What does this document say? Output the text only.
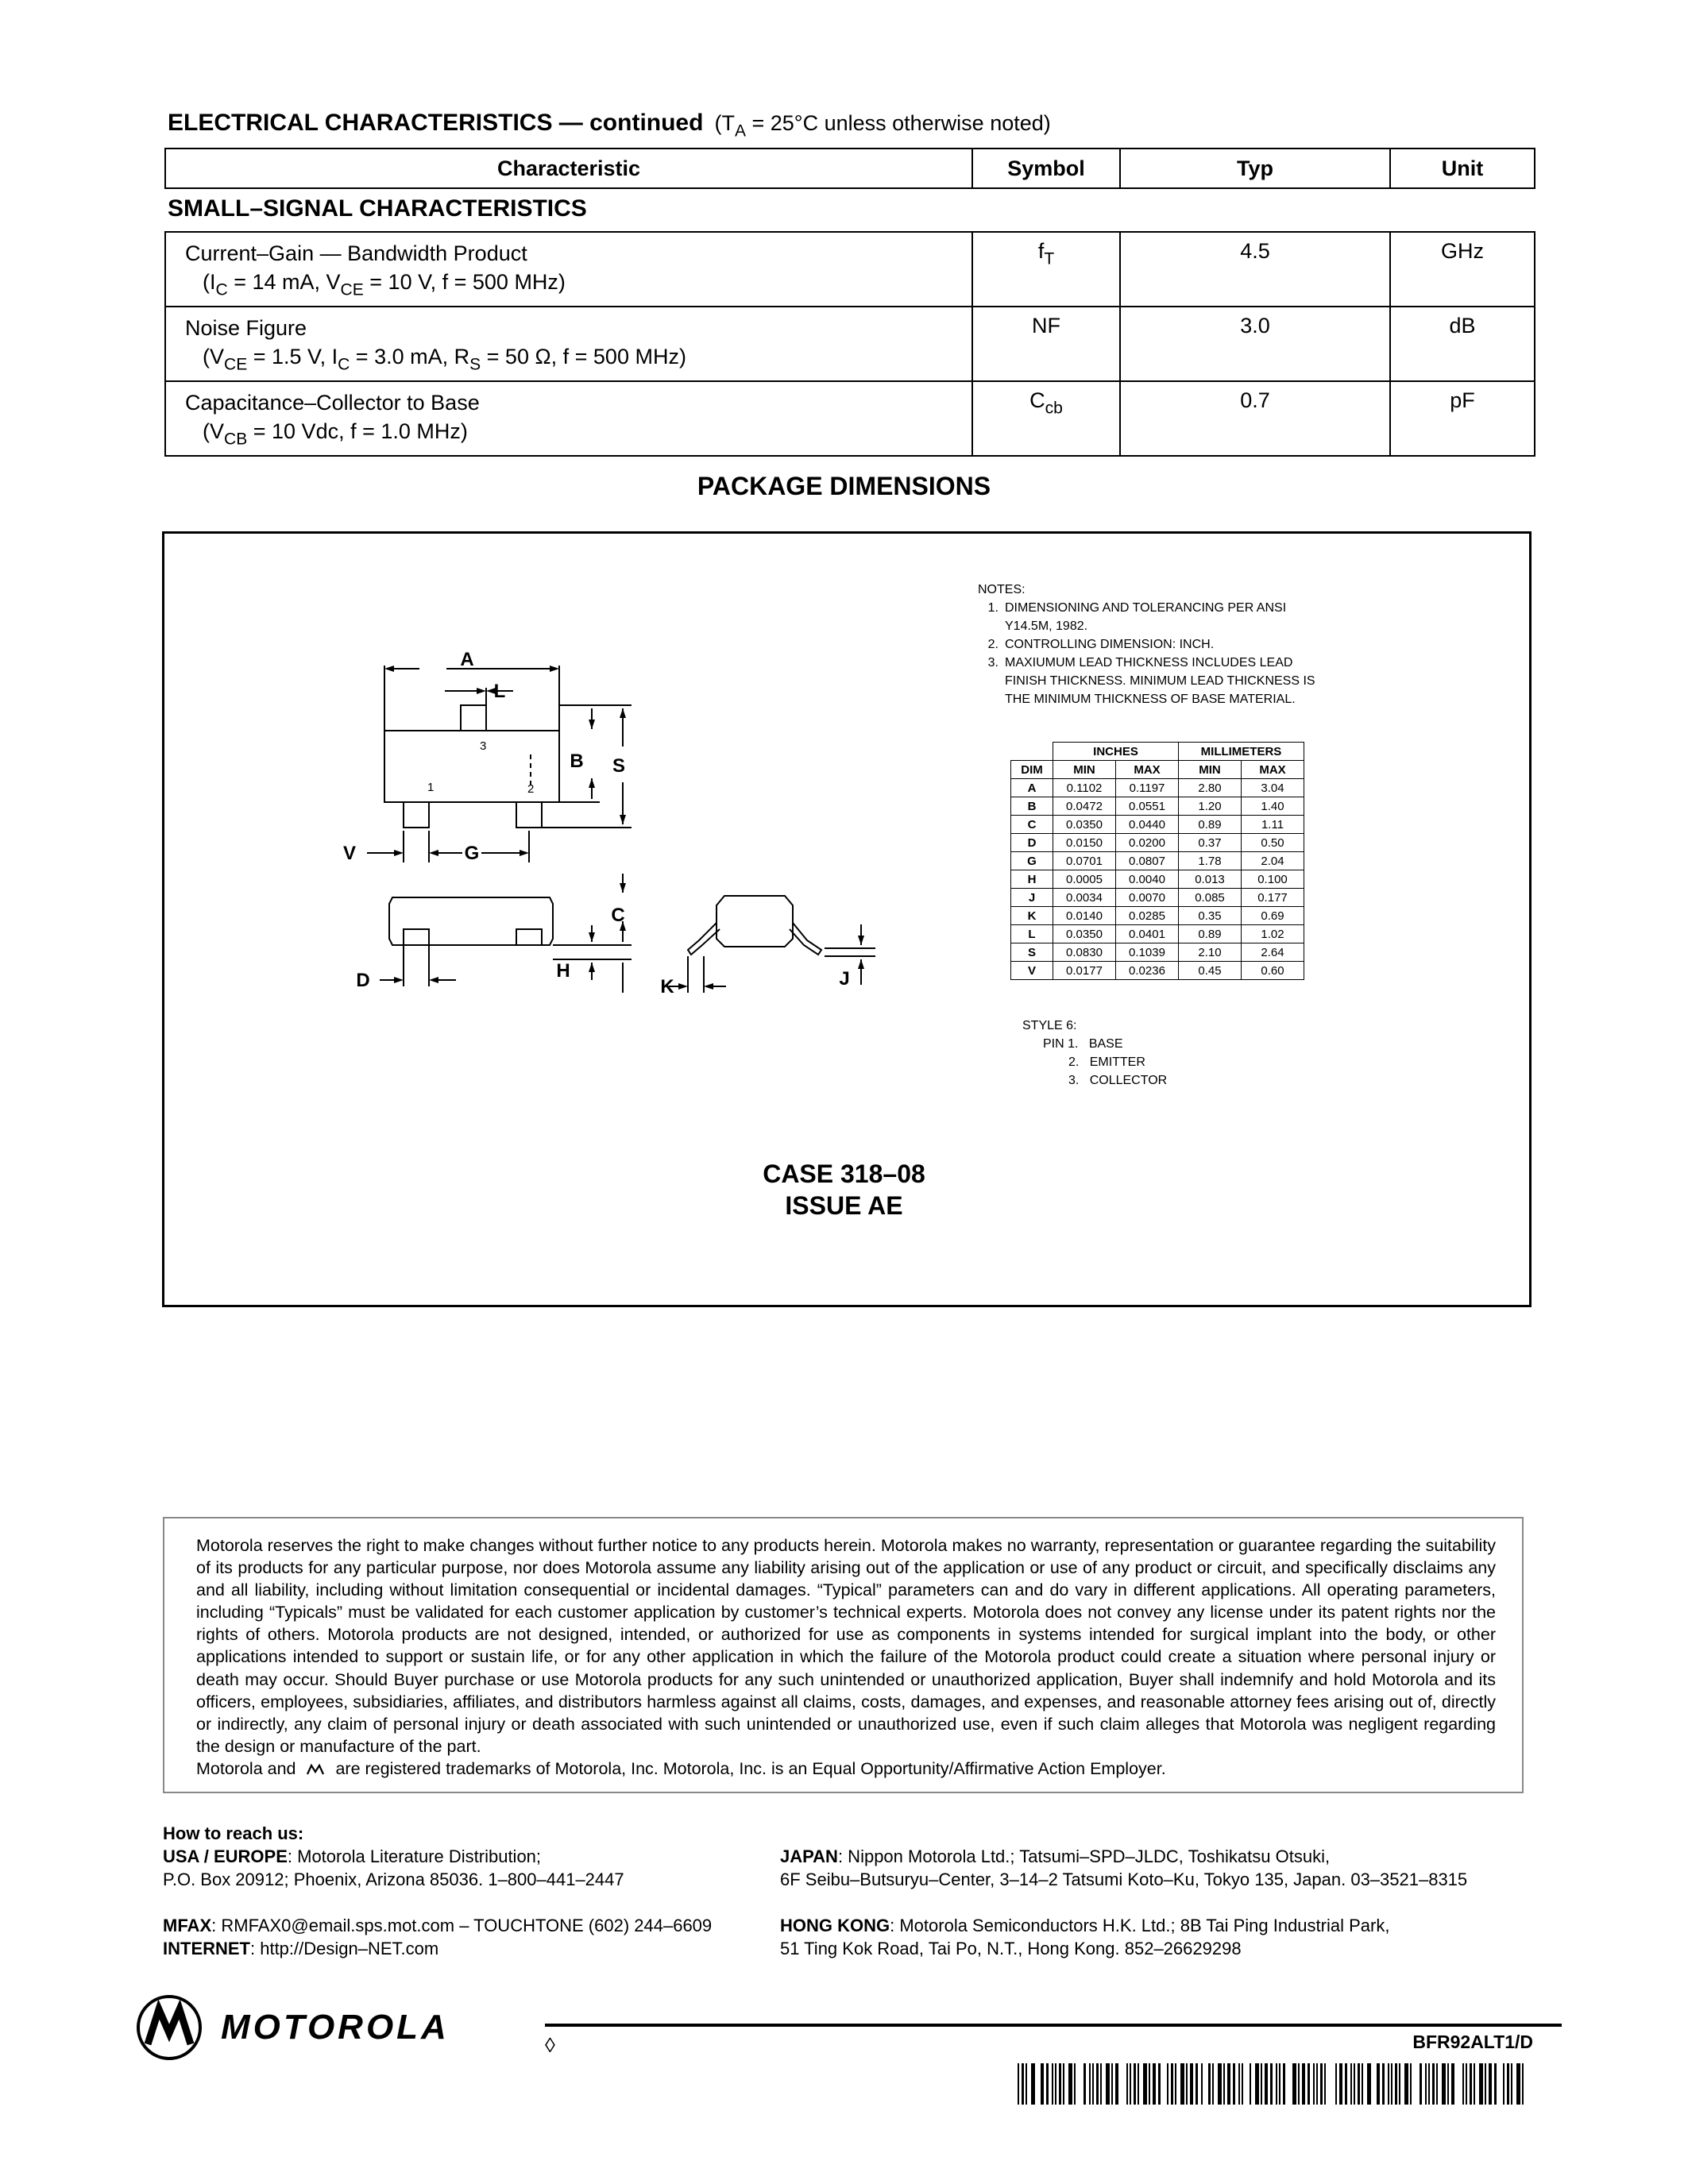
ELECTRICAL CHARACTERISTICS — continued ($T_A = 25^\circ C$ unless otherwise noted)
Characteristic	Symbol	Typ	Unit
SMALL–SIGNAL CHARACTERISTICS
Current–Gain — Bandwidth Product
($I_C = 14$ mA, $V_{CE} = 10$ V, f = 500 MHz)	$f_T$	4.5	GHz

Noise Figure
($V_{CE} = 1.5$ V, $I_C = 3.0$ mA, $R_S = 50$ Ω, f = 500 MHz)	NF	3.0	dB

Capacitance–Collector to Base
($V_{CB} = 10$ Vdc, f = 1.0 MHz)	$C_{cb}$	0.7	pF
PACKAGE DIMENSIONS
A
L
B S
V	G
C
D	H
K	J
1	2
3
NOTES:
1. DIMENSIONING AND TOLERANCING PER ANSI
Y14.5M, 1982.
2. CONTROLLING DIMENSION: INCH.
3. MAXIUMUM LEAD THICKNESS INCLUDES LEAD
FINISH THICKNESS. MINIMUM LEAD THICKNESS IS THE MINIMUM THICKNESS OF BASE MATERIAL.
	INCHES		MILLIMETERS	
DIM	MIN	MAX	MIN	MAX
A	0.1102	0.1197	2.80	3.04
B	0.0472	0.0551	1.20	1.40
C	0.0350	0.0440	0.89	1.11
D	0.0150	0.0200	0.37	0.50
G	0.0701	0.0807	1.78	2.04
H	0.0005	0.0040	0.013	0.100
J	0.0034	0.0070	0.085	0.177
K	0.0140	0.0285	0.35	0.69
L	0.0350	0.0401	0.89	1.02
S	0.0830	0.1039	2.10	2.64
V	0.0177	0.0236	0.45	0.60
STYLE 6:
PIN 1. BASE
2. EMITTER
3. COLLECTOR
CASE 318–08
ISSUE AE
Motorola reserves the right to make changes without further notice to any products herein. Motorola makes no warranty, representation or guarantee regarding the suitability of its products for any particular purpose, nor does Motorola assume any liability arising out of the application or use of any product or circuit, and specifically disclaims any and all liability, including without limitation consequential or incidental damages. “Typical” parameters can and do vary in different applications. All operating parameters, including “Typicals” must be validated for each customer application by customer’s technical experts. Motorola does not convey any license under its patent rights nor the rights of others. Motorola products are not designed, intended, or authorized for use as components in systems intended for surgical implant into the body, or other applications intended to support or sustain life, or for any other application in which the failure of the Motorola product could create a situation where personal injury or death may occur. Should Buyer purchase or use Motorola products for any such unintended or unauthorized application, Buyer shall indemnify and hold Motorola and its officers, employees, subsidiaries, affiliates, and distributors harmless against all claims, costs, damages, and expenses, and reasonable attorney fees arising out of, directly or indirectly, any claim of personal injury or death associated with such unintended or unauthorized use, even if such claim alleges that Motorola was negligent regarding the design or manufacture of the part.
Motorola and are registered trademarks of Motorola, Inc. Motorola, Inc. is an Equal Opportunity/Affirmative Action Employer.
How to reach us:
USA / EUROPE: Motorola Literature Distribution;
P.O. Box 20912; Phoenix, Arizona 85036. 1–800–441–2447
MFAX: RMFAX0@email.sps.mot.com – TOUCHTONE (602) 244–6609
INTERNET: http://Design–NET.com
JAPAN: Nippon Motorola Ltd.; Tatsumi–SPD–JLDC, Toshikatsu Otsuki,
6F Seibu–Butsuryu–Center, 3–14–2 Tatsumi Koto–Ku, Tokyo 135, Japan. 03–3521–8315
HONG KONG: Motorola Semiconductors H.K. Ltd.; 8B Tai Ping Industrial Park,
51 Ting Kok Road, Tai Po, N.T., Hong Kong. 852–26629298
MOTOROLA	◊	BFR92ALT1/D
